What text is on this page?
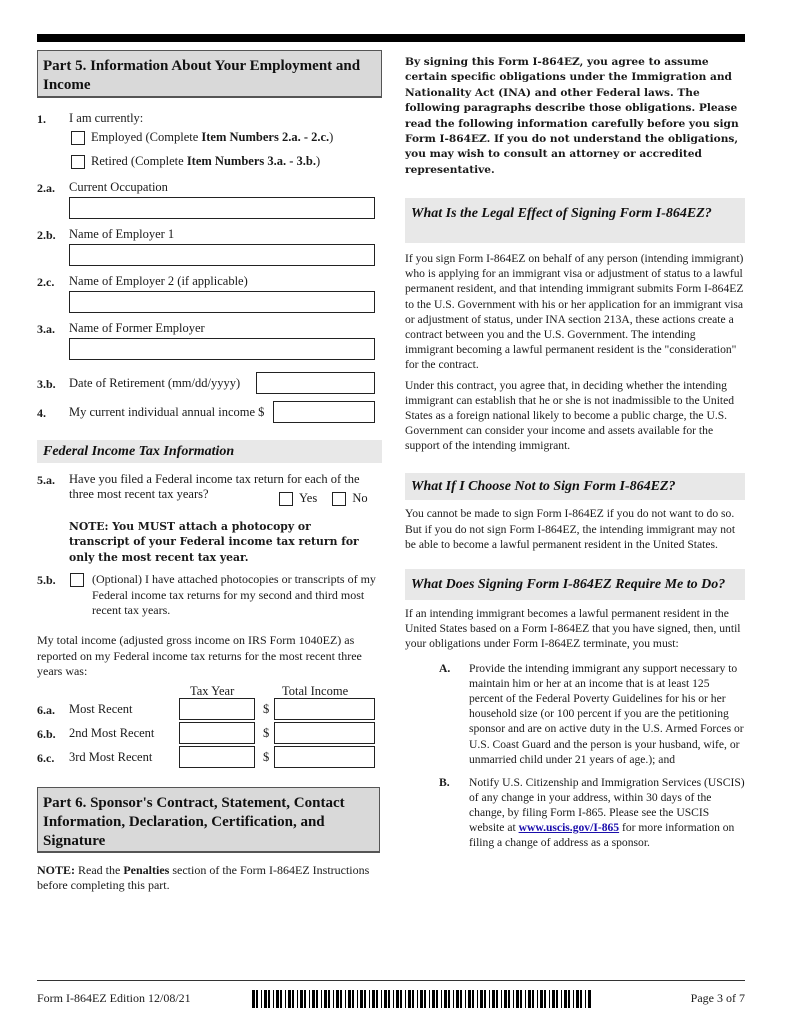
Part 5. Information About Your Employment and Income
1. I am currently:
Employed (Complete Item Numbers 2.a. - 2.c.)
Retired (Complete Item Numbers 3.a. - 3.b.)
2.a. Current Occupation
2.b. Name of Employer 1
2.c. Name of Employer 2 (if applicable)
3.a. Name of Former Employer
3.b. Date of Retirement (mm/dd/yyyy)
4. My current individual annual income $
Federal Income Tax Information
5.a. Have you filed a Federal income tax return for each of the three most recent tax years?	Yes	No
NOTE: You MUST attach a photocopy or transcript of your Federal income tax return for only the most recent tax year.
5.b.	(Optional) I have attached photocopies or transcripts of my Federal income tax returns for my second and third most recent tax years.
My total income (adjusted gross income on IRS Form 1040EZ) as reported on my Federal income tax returns for the most recent three years was:
Tax Year	Total Income
6.a. Most Recent	$
6.b. 2nd Most Recent	$
6.c. 3rd Most Recent	$
Part 6. Sponsor's Contract, Statement, Contact Information, Declaration, Certification, and Signature
NOTE: Read the Penalties section of the Form I-864EZ Instructions before completing this part.
By signing this Form I-864EZ, you agree to assume certain specific obligations under the Immigration and Nationality Act (INA) and other Federal laws. The following paragraphs describe those obligations. Please read the following information carefully before you sign Form I-864EZ. If you do not understand the obligations, you may wish to consult an attorney or accredited representative.
What Is the Legal Effect of Signing Form I-864EZ?
If you sign Form I-864EZ on behalf of any person (intending immigrant) who is applying for an immigrant visa or adjustment of status to a lawful permanent resident, and that intending immigrant submits Form I-864EZ to the U.S. Government with his or her application for an immigrant visa or adjustment of status, under INA section 213A, these actions create a contract between you and the U.S. Government. The intending immigrant becoming a lawful permanent resident is the "consideration" for the contract.
Under this contract, you agree that, in deciding whether the intending immigrant can establish that he or she is not inadmissible to the United States as a foreign national likely to become a public charge, the U.S. Government can consider your income and assets available for the support of the intending immigrant.
What If I Choose Not to Sign Form I-864EZ?
You cannot be made to sign Form I-864EZ if you do not want to do so. But if you do not sign Form I-864EZ, the intending immigrant may not be able to become a lawful permanent resident in the United States.
What Does Signing Form I-864EZ Require Me to Do?
If an intending immigrant becomes a lawful permanent resident in the United States based on a Form I-864EZ that you have signed, then, until your obligations under Form I-864EZ terminate, you must:
A. Provide the intending immigrant any support necessary to maintain him or her at an income that is at least 125 percent of the Federal Poverty Guidelines for his or her household size (or 100 percent if you are the petitioning sponsor and are on active duty in the U.S. Armed Forces or U.S. Coast Guard and the person is your husband, wife, or unmarried child under 21 years of age.); and
B. Notify U.S. Citizenship and Immigration Services (USCIS) of any change in your address, within 30 days of the change, by filing Form I-865. Please see the USCIS website at www.uscis.gov/I-865 for more information on filing a change of address as a sponsor.
Form I-864EZ Edition 12/08/21	Page 3 of 7
